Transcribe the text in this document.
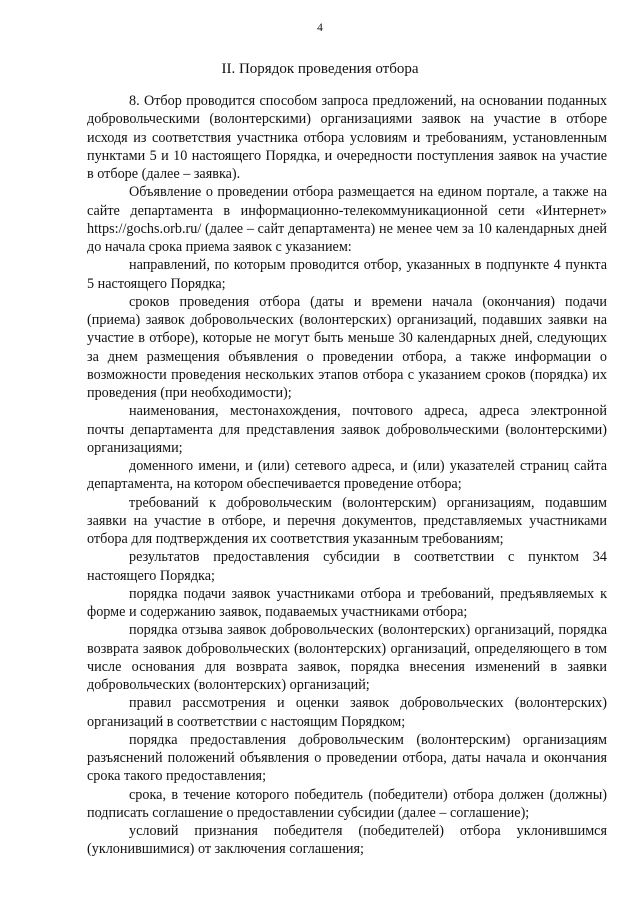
4
II. Порядок проведения отбора

8. Отбор проводится способом запроса предложений, на основании поданных добровольческими (волонтерскими) организациями заявок на участие в отборе исходя из соответствия участника отбора условиям и требованиям, установленным пунктами 5 и 10 настоящего Порядка, и очередности поступления заявок на участие в отборе (далее – заявка).

Объявление о проведении отбора размещается на едином портале, а также на сайте департамента в информационно-телекоммуникационной сети «Интернет» https://gochs.orb.ru/ (далее – сайт департамента) не менее чем за 10 календарных дней до начала срока приема заявок с указанием:

направлений, по которым проводится отбор, указанных в подпункте 4 пункта 5 настоящего Порядка;

сроков проведения отбора (даты и времени начала (окончания) подачи (приема) заявок добровольческих (волонтерских) организаций, подавших заявки на участие в отборе), которые не могут быть меньше 30 календарных дней, следующих за днем размещения объявления о проведении отбора, а также информации о возможности проведения нескольких этапов отбора с указанием сроков (порядка) их проведения (при необходимости);

наименования, местонахождения, почтового адреса, адреса электронной почты департамента для представления заявок добровольческими (волонтерскими) организациями;

доменного имени, и (или) сетевого адреса, и (или) указателей страниц сайта департамента, на котором обеспечивается проведение отбора;

требований к добровольческим (волонтерским) организациям, подавшим заявки на участие в отборе, и перечня документов, представляемых участниками отбора для подтверждения их соответствия указанным требованиям;

результатов предоставления субсидии в соответствии с пунктом 34 настоящего Порядка;

порядка подачи заявок участниками отбора и требований, предъявляемых к форме и содержанию заявок, подаваемых участниками отбора;

порядка отзыва заявок добровольческих (волонтерских) организаций, порядка возврата заявок добровольческих (волонтерских) организаций, определяющего в том числе основания для возврата заявок, порядка внесения изменений в заявки добровольческих (волонтерских) организаций;

правил рассмотрения и оценки заявок добровольческих (волонтерских) организаций в соответствии с настоящим Порядком;

порядка предоставления добровольческим (волонтерским) организациям разъяснений положений объявления о проведении отбора, даты начала и окончания срока такого предоставления;

срока, в течение которого победитель (победители) отбора должен (должны) подписать соглашение о предоставлении субсидии (далее – соглашение);

условий признания победителя (победителей) отбора уклонившимся (уклонившимися) от заключения соглашения;
